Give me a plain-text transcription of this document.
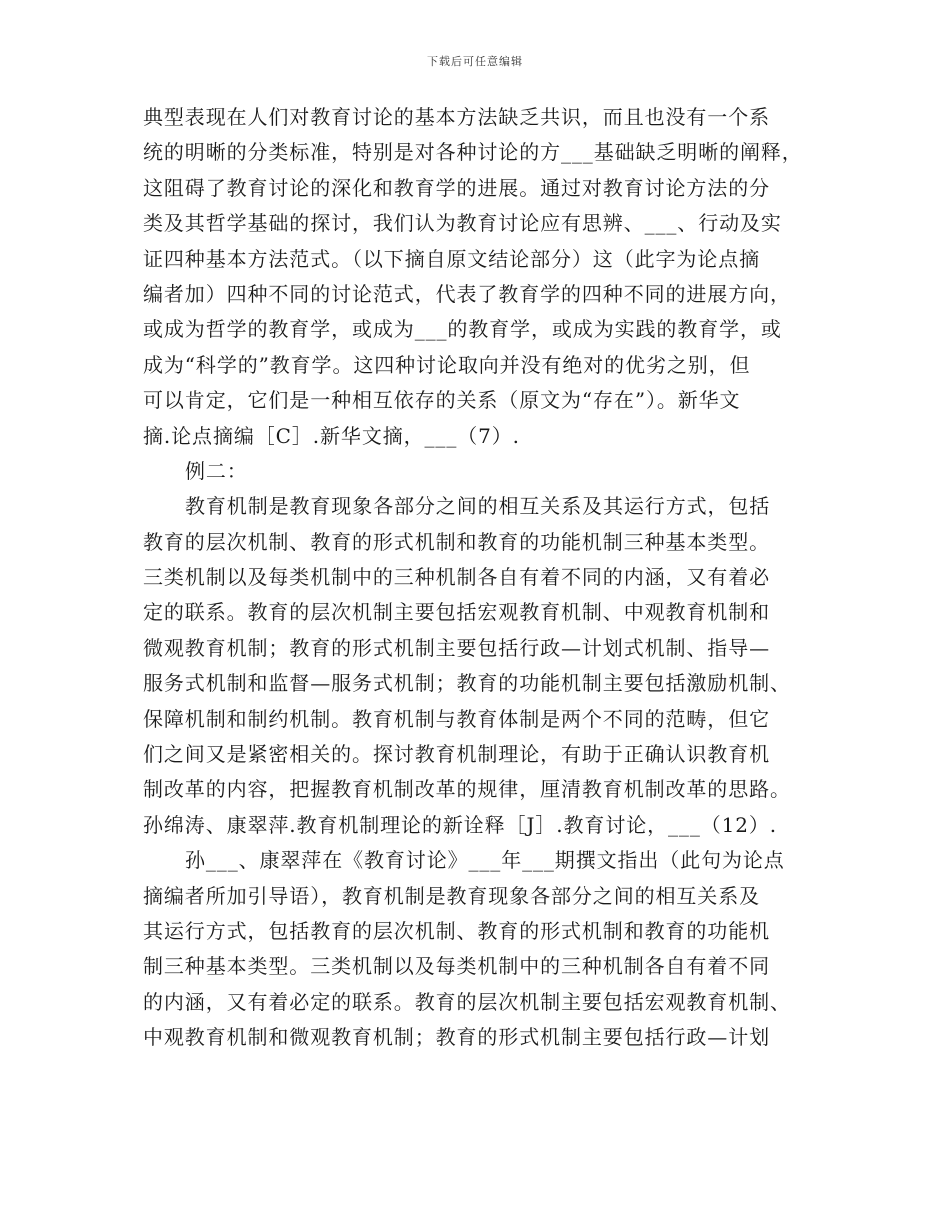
下载后可任意编辑
典型表现在人们对教育讨论的基本方法缺乏共识，而且也没有一个系
统的明晰的分类标准，特别是对各种讨论的方___基础缺乏明晰的阐释，
这阻碍了教育讨论的深化和教育学的进展。通过对教育讨论方法的分
类及其哲学基础的探讨，我们认为教育讨论应有思辨、___、行动及实
证四种基本方法范式。（以下摘自原文结论部分）这（此字为论点摘
编者加）四种不同的讨论范式，代表了教育学的四种不同的进展方向，
或成为哲学的教育学，或成为___的教育学，或成为实践的教育学，或
成为“科学的”教育学。这四种讨论取向并没有绝对的优劣之别，但
可以肯定，它们是一种相互依存的关系（原文为“存在”）。新华文
摘.论点摘编［C］.新华文摘，___（7）.
例二：
教育机制是教育现象各部分之间的相互关系及其运行方式，包括
教育的层次机制、教育的形式机制和教育的功能机制三种基本类型。
三类机制以及每类机制中的三种机制各自有着不同的内涵，又有着必
定的联系。教育的层次机制主要包括宏观教育机制、中观教育机制和
微观教育机制；教育的形式机制主要包括行政—计划式机制、指导—
服务式机制和监督—服务式机制；教育的功能机制主要包括激励机制、
保障机制和制约机制。教育机制与教育体制是两个不同的范畴，但它
们之间又是紧密相关的。探讨教育机制理论，有助于正确认识教育机
制改革的内容，把握教育机制改革的规律，厘清教育机制改革的思路。
孙绵涛、康翠萍.教育机制理论的新诠释［J］.教育讨论，___（12）.
孙___、康翠萍在《教育讨论》___年___期撰文指出（此句为论点
摘编者所加引导语），教育机制是教育现象各部分之间的相互关系及
其运行方式，包括教育的层次机制、教育的形式机制和教育的功能机
制三种基本类型。三类机制以及每类机制中的三种机制各自有着不同
的内涵，又有着必定的联系。教育的层次机制主要包括宏观教育机制、
中观教育机制和微观教育机制；教育的形式机制主要包括行政—计划
